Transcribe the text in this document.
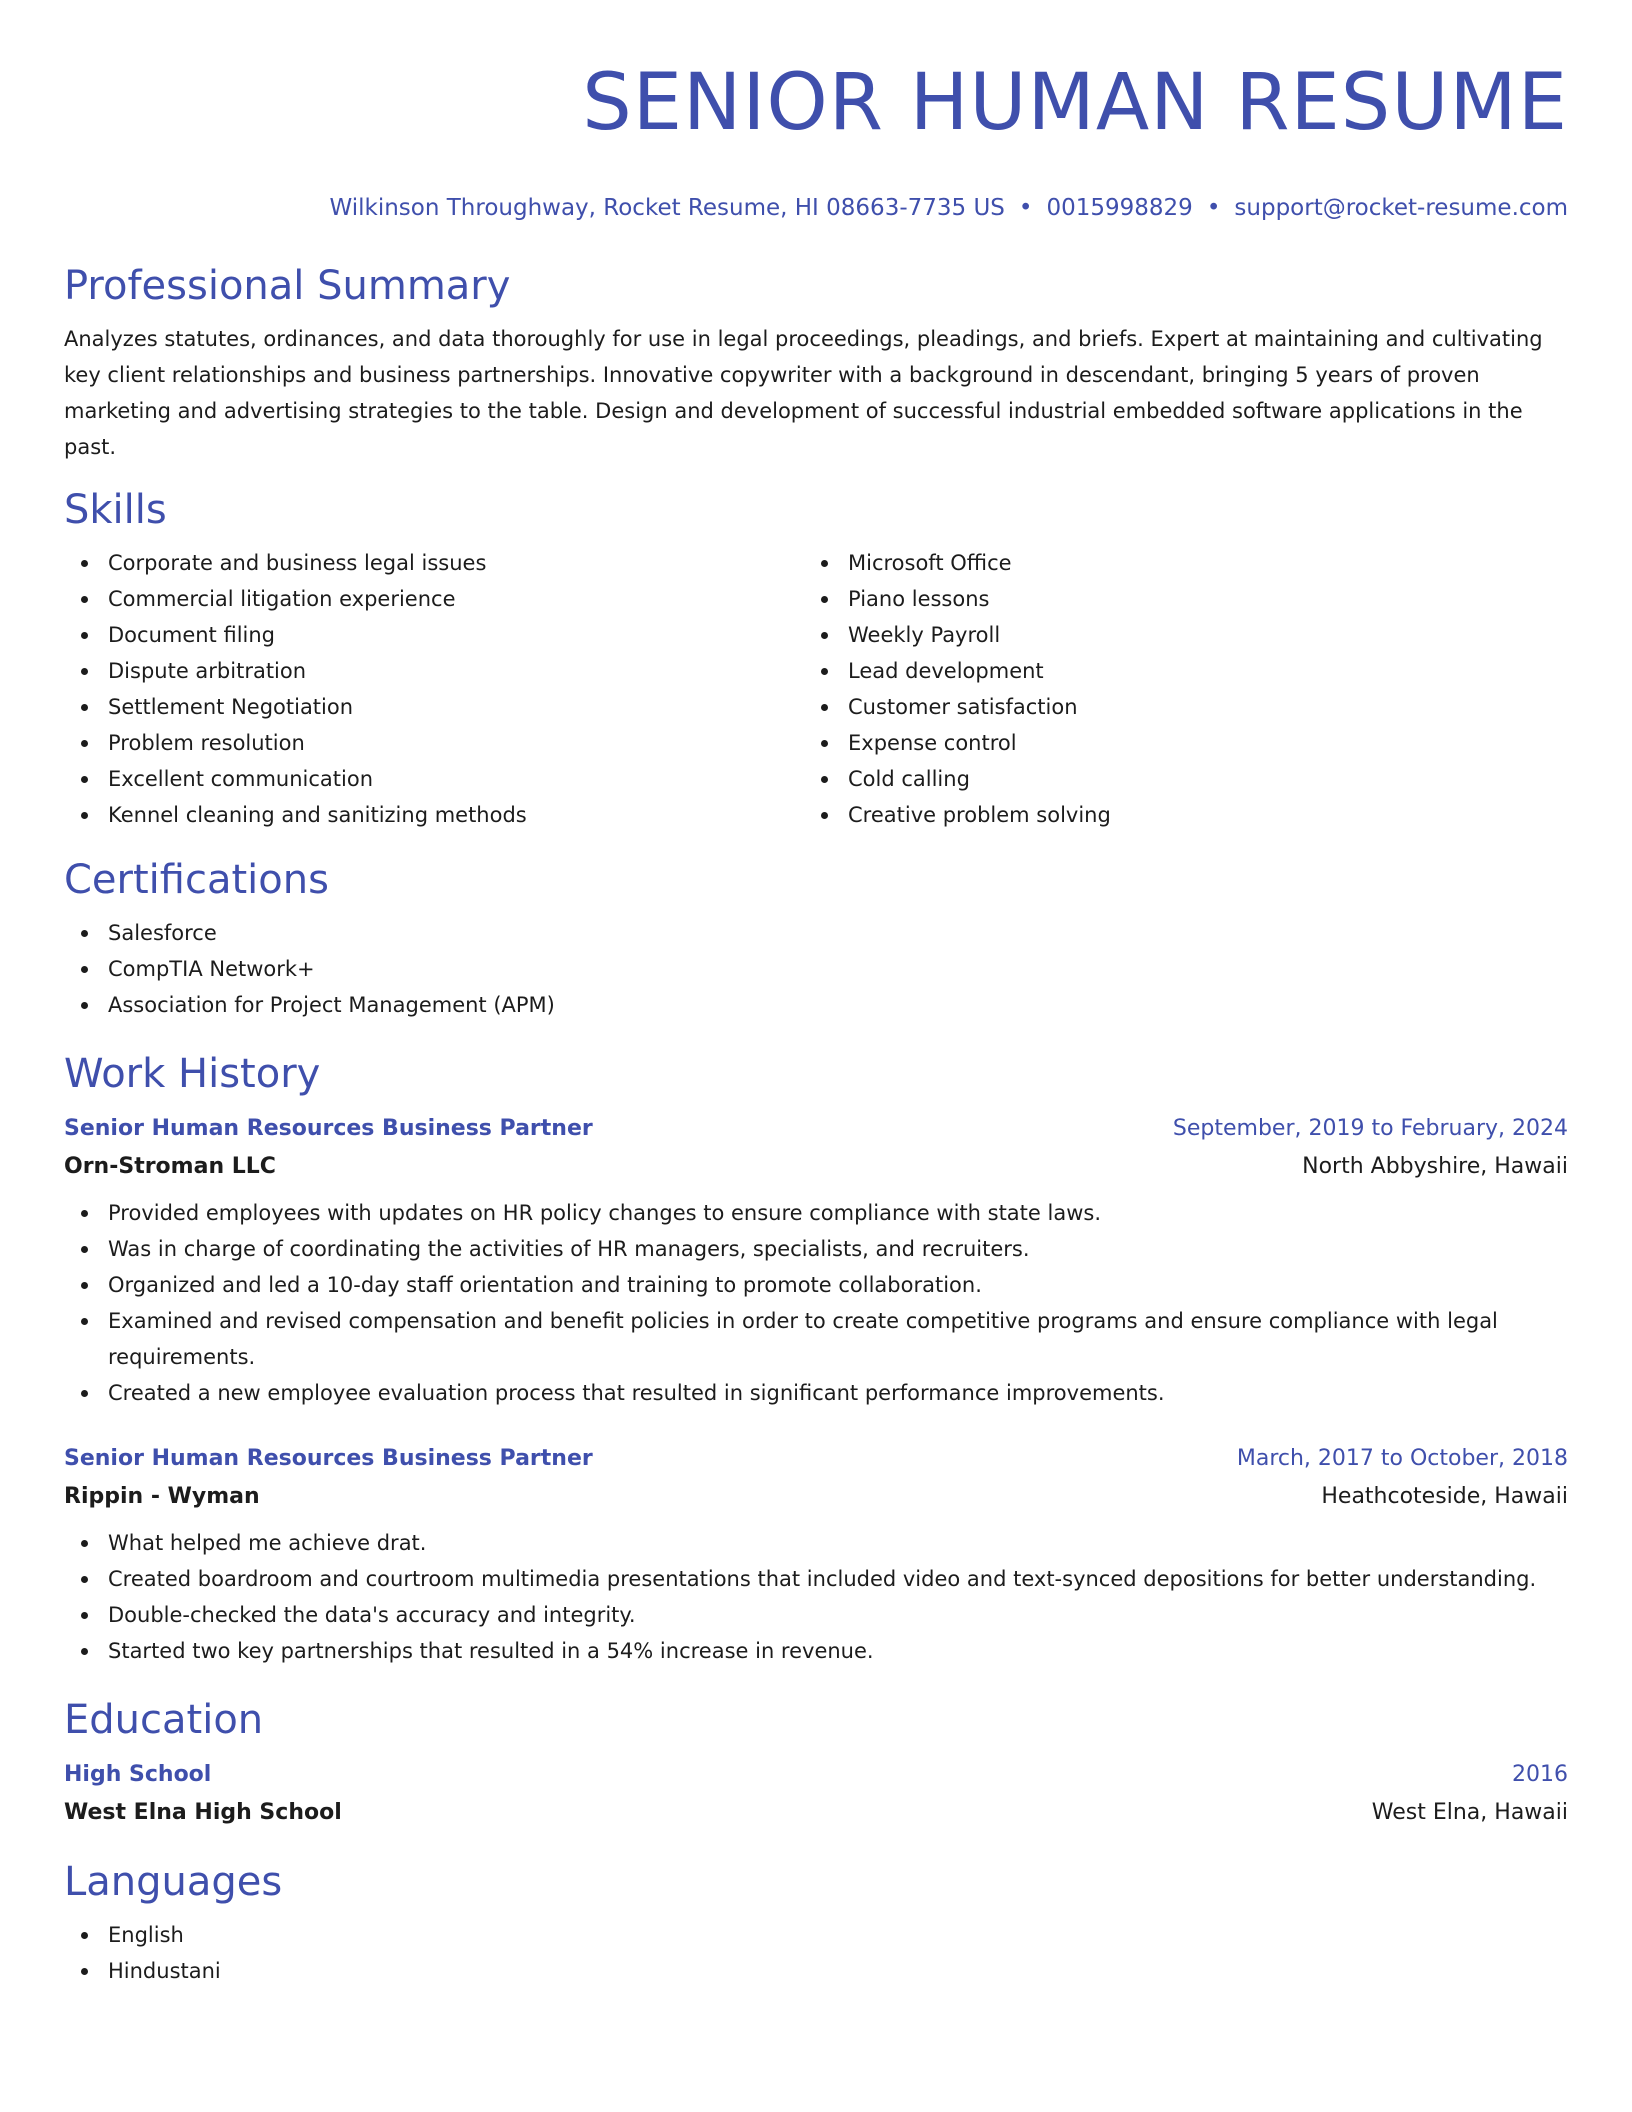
SENIOR HUMAN RESUME
Wilkinson Throughway, Rocket Resume, HI 08663-7735 US • 0015998829 • support@rocket-resume.com
Professional Summary

Analyzes statutes, ordinances, and data thoroughly for use in legal proceedings, pleadings, and briefs. Expert at maintaining and cultivating key client relationships and business partnerships. Innovative copywriter with a background in descendant, bringing 5 years of proven marketing and advertising strategies to the table. Design and development of successful industrial embedded software applications in the past.

Skills
Corporate and business legal issues
Commercial litigation experience
Document filing
Dispute arbitration
Settlement Negotiation
Problem resolution
Excellent communication
Kennel cleaning and sanitizing methods
Microsoft Office
Piano lessons
Weekly Payroll
Lead development
Customer satisfaction
Expense control
Cold calling
Creative problem solving
Certifications
Salesforce
CompTIA Network+
Association for Project Management (APM)
Work History
Senior Human Resources Business Partner	September, 2019 to February, 2024
Orn-Stroman LLC	North Abbyshire, Hawaii
Provided employees with updates on HR policy changes to ensure compliance with state laws.
Was in charge of coordinating the activities of HR managers, specialists, and recruiters.
Organized and led a 10-day staff orientation and training to promote collaboration.
Examined and revised compensation and benefit policies in order to create competitive programs and ensure compliance with legal requirements.
Created a new employee evaluation process that resulted in significant performance improvements.
Senior Human Resources Business Partner	March, 2017 to October, 2018
Rippin - Wyman	Heathcoteside, Hawaii
What helped me achieve drat.
Created boardroom and courtroom multimedia presentations that included video and text-synced depositions for better understanding.
Double-checked the data's accuracy and integrity.
Started two key partnerships that resulted in a 54% increase in revenue.
Education
High School	2016
West Elna High School	West Elna, Hawaii
Languages
English
Hindustani
